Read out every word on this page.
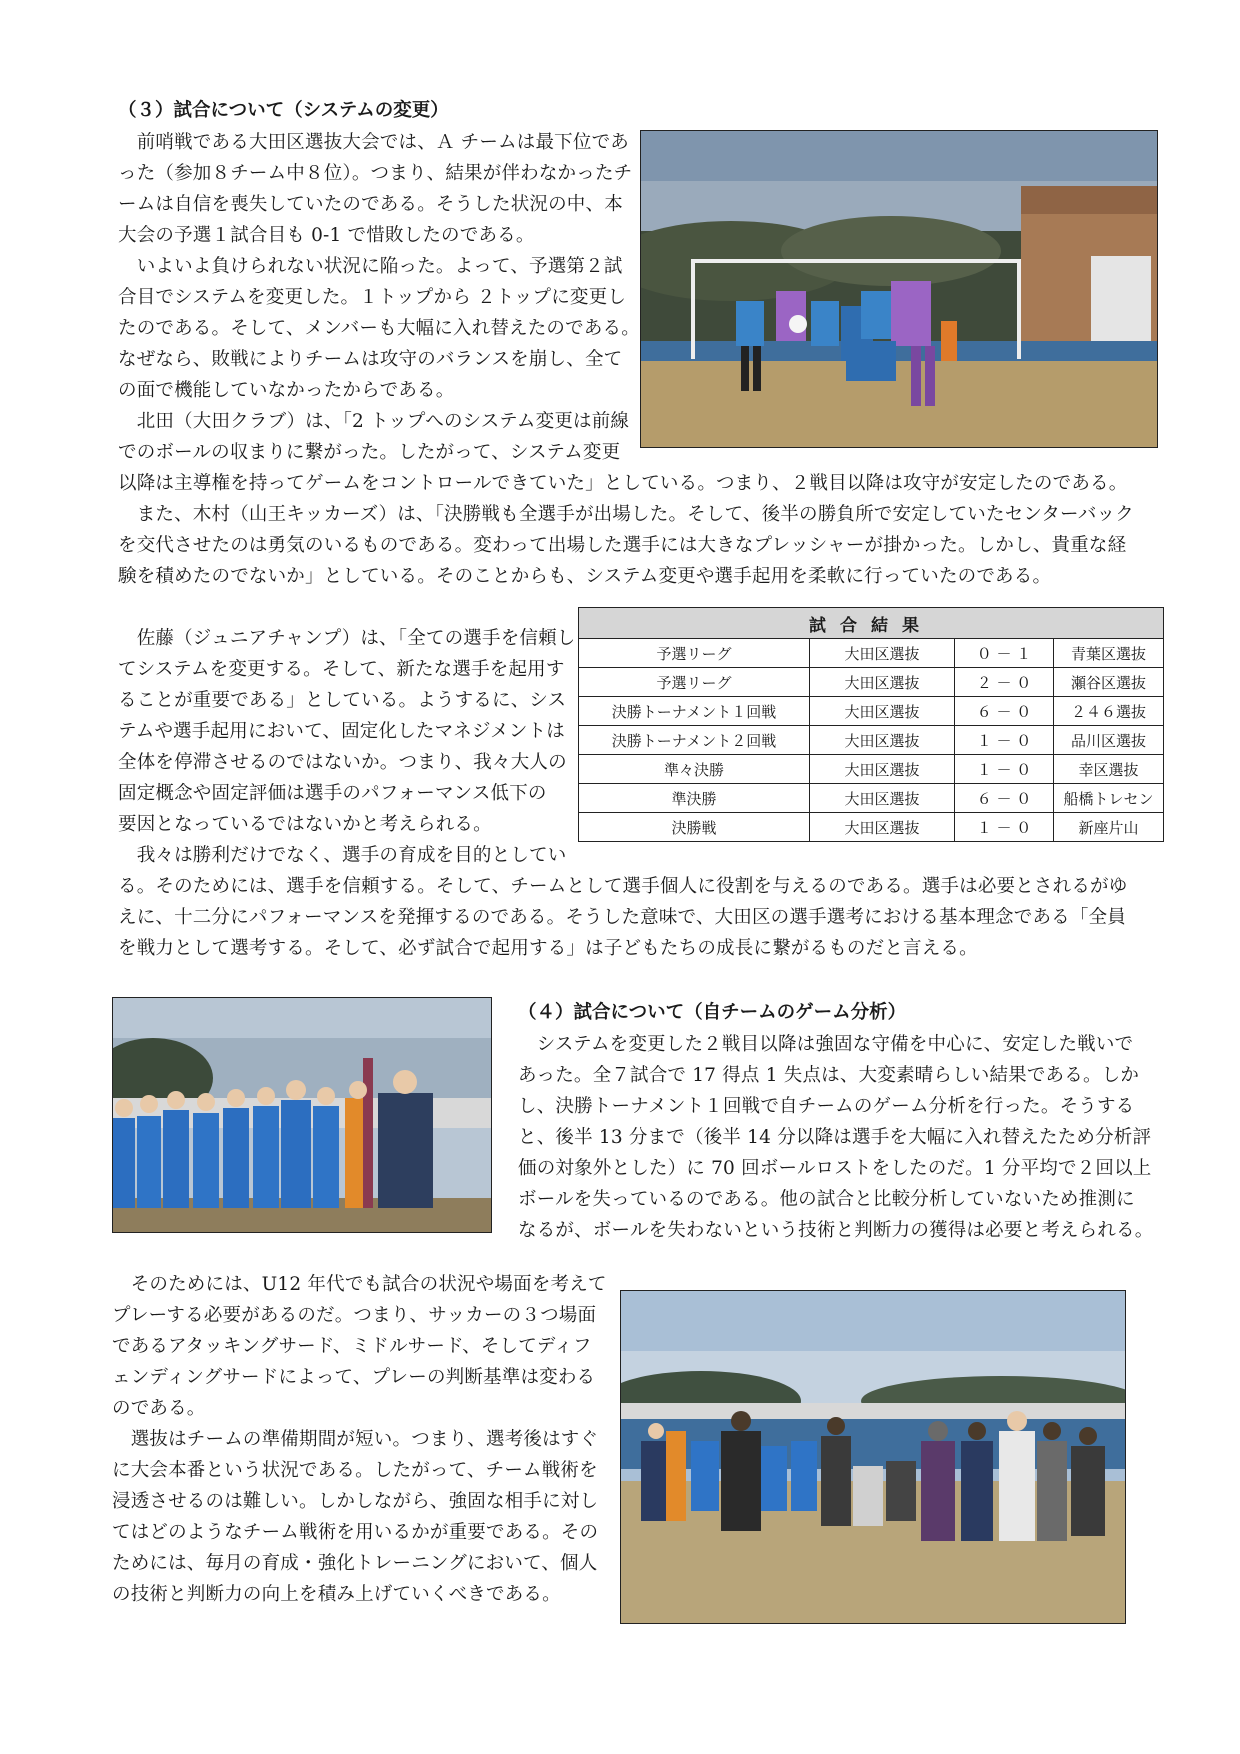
（３）試合について（システムの変更）
　前哨戦である大田区選抜大会では、Ａ チームは最下位であ
った（参加８チーム中８位）。つまり、結果が伴わなかったチ
ームは自信を喪失していたのである。そうした状況の中、本
大会の予選１試合目も 0-1 で惜敗したのである。
　いよいよ負けられない状況に陥った。よって、予選第２試
合目でシステムを変更した。１トップから ２トップに変更し
たのである。そして、メンバーも大幅に入れ替えたのである。
なぜなら、敗戦によりチームは攻守のバランスを崩し、全て
の面で機能していなかったからである。
　北田（大田クラブ）は、「2 トップへのシステム変更は前線
でのボールの収まりに繋がった。したがって、システム変更
以降は主導権を持ってゲームをコントロールできていた」としている。つまり、２戦目以降は攻守が安定したのである。
　また、木村（山王キッカーズ）は、「決勝戦も全選手が出場した。そして、後半の勝負所で安定していたセンターバック
を交代させたのは勇気のいるものである。変わって出場した選手には大きなプレッシャーが掛かった。しかし、貴重な経
験を積めたのでないか」としている。そのことからも、システム変更や選手起用を柔軟に行っていたのである。
　佐藤（ジュニアチャンプ）は、「全ての選手を信頼し
てシステムを変更する。そして、新たな選手を起用す
ることが重要である」としている。ようするに、シス
テムや選手起用において、固定化したマネジメントは
全体を停滞させるのではないか。つまり、我々大人の
固定概念や固定評価は選手のパフォーマンス低下の
要因となっているではないかと考えられる。
　我々は勝利だけでなく、選手の育成を目的としてい
る。そのためには、選手を信頼する。そして、チームとして選手個人に役割を与えるのである。選手は必要とされるがゆ
えに、十二分にパフォーマンスを発揮するのである。そうした意味で、大田区の選手選考における基本理念である「全員
を戦力として選考する。そして、必ず試合で起用する」は子どもたちの成長に繋がるものだと言える。
試合結果			
予選リーグ	大田区選抜	０ － １	青葉区選抜
予選リーグ	大田区選抜	２ － ０	瀬谷区選抜
決勝トーナメント１回戦	大田区選抜	６ － ０	２４６選抜
決勝トーナメント２回戦	大田区選抜	１ － ０	品川区選抜
準々決勝	大田区選抜	１ － ０	幸区選抜
準決勝	大田区選抜	６ － ０	船橋トレセン
決勝戦	大田区選抜	１ － ０	新座片山
（４）試合について（自チームのゲーム分析）
　システムを変更した２戦目以降は強固な守備を中心に、安定した戦いで
あった。全７試合で 17 得点 1 失点は、大変素晴らしい結果である。しか
し、決勝トーナメント１回戦で自チームのゲーム分析を行った。そうする
と、後半 13 分まで（後半 14 分以降は選手を大幅に入れ替えたため分析評
価の対象外とした）に 70 回ボールロストをしたのだ。1 分平均で２回以上
ボールを失っているのである。他の試合と比較分析していないため推測に
なるが、ボールを失わないという技術と判断力の獲得は必要と考えられる。
　そのためには、U12 年代でも試合の状況や場面を考えて
プレーする必要があるのだ。つまり、サッカーの３つ場面
であるアタッキングサード、ミドルサード、そしてディフ
ェンディングサードによって、プレーの判断基準は変わる
のである。
　選抜はチームの準備期間が短い。つまり、選考後はすぐ
に大会本番という状況である。したがって、チーム戦術を
浸透させるのは難しい。しかしながら、強固な相手に対し
てはどのようなチーム戦術を用いるかが重要である。その
ためには、毎月の育成・強化トレーニングにおいて、個人
の技術と判断力の向上を積み上げていくべきである。
